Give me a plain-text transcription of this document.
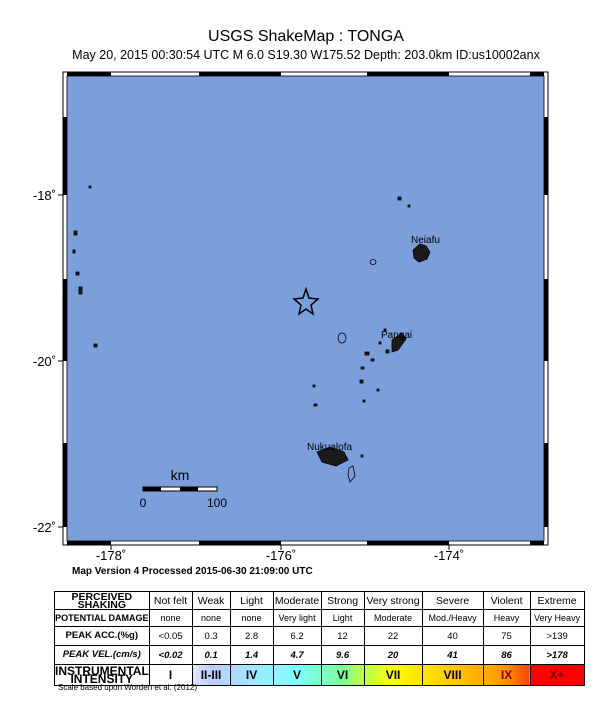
USGS ShakeMap : TONGA
May 20, 2015 00:30:54 UTC M 6.0 S19.30 W175.52 Depth: 203.0km ID:us10002anx
-178˚	-176˚	-174˚
-18˚
-20˚
-22˚
Neiafu
Pangai
Nukualofa
km
0	100
Map Version 4 Processed 2015-06-30 21:09:00 UTC
PERCEIVED SHAKING	Not felt	Weak	Light	Moderate	Strong	Very strong	Severe	Violent	Extreme
POTENTIAL DAMAGE	none	none	none	Very light	Light	Moderate	Mod./Heavy	Heavy	Very Heavy
PEAK ACC.(%g)	<0.05	0.3	2.8	6.2	12	22	40	75	>139
PEAK VEL.(cm/s)	<0.02	0.1	1.4	4.7	9.6	20	41	86	>178
INSTRUMENTAL INTENSITY	I	II-III	IV	V	VI	VII	VIII	IX	X+
Scale based upon Worden et al. (2012)
